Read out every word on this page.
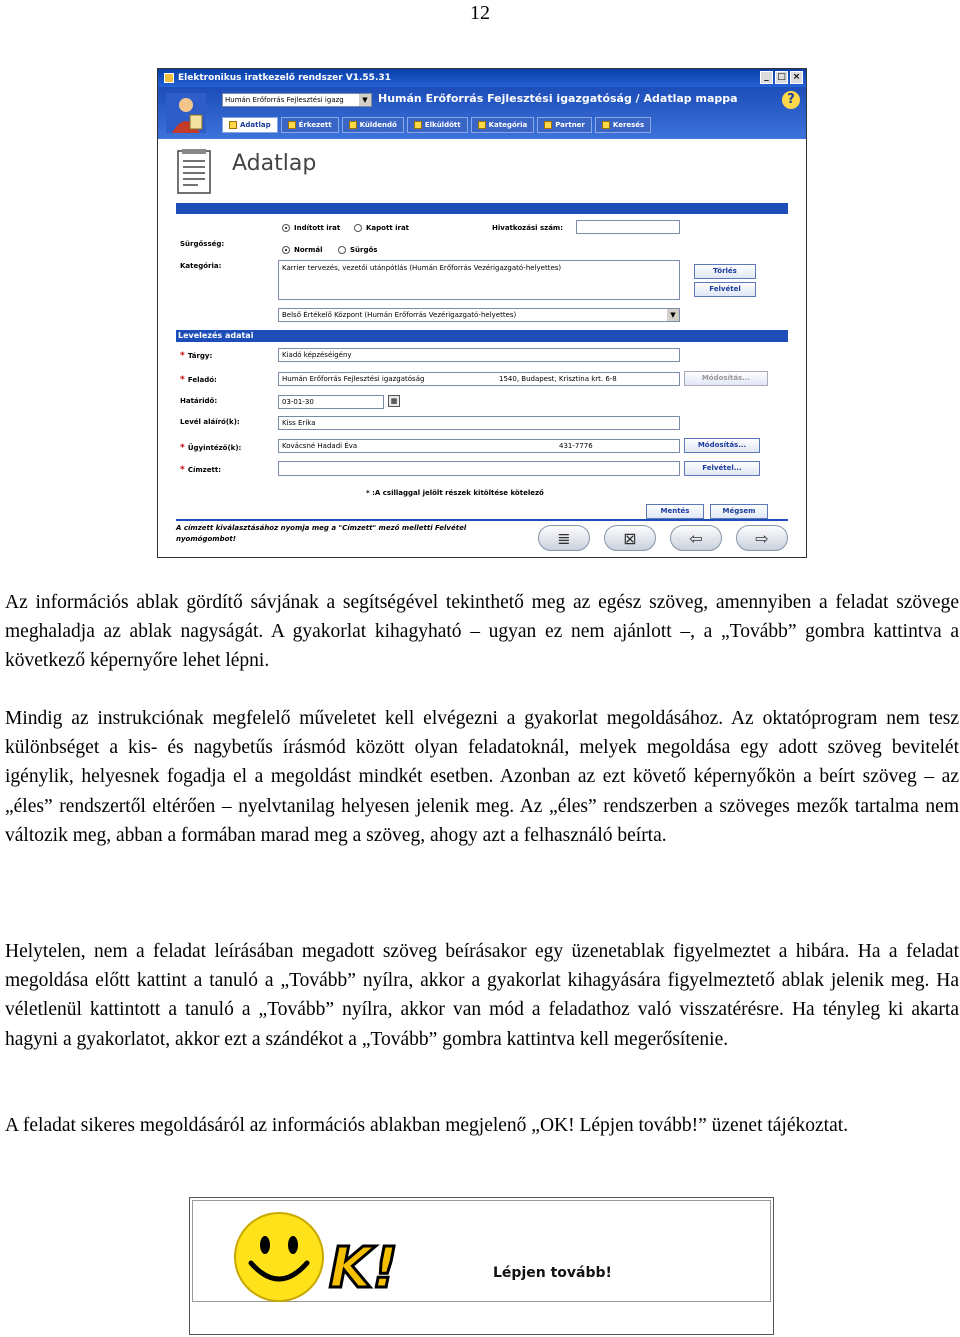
12
Elektronikus iratkezelő rendszer V1.55.31	_ □ ×
Humán Erőforrás Fejlesztési igazg	▼ Humán Erőforrás Fejlesztési igazgatóság / Adatlap mappa	?
Adatlap	Érkezett	Küldendő	Elküldött	Kategória	Partner	Keresés
Adatlap
Indított irat	Kapott irat	Hivatkozási szám:
Sürgősség:
Normál	Sürgős
Kategória:	Karrier tervezés, vezetői utánpótlás (Humán Erőforrás Vezérigazgató-helyettes)	Törlés
Felvétel
Belső Értékelő Központ (Humán Erőforrás Vezérigazgató-helyettes)	▼
Levelezés adatai
* Tárgy:	Kiadó képzéséigény
* Feladó:	Humán Erőforrás Fejlesztési igazgatóság	1540, Budapest, Krisztina krt. 6-8	Módosítás...
Határidő:	03-01-30	▦
Levél aláíró(k):	Kiss Erika
* Ügyintéző(k):	Kovácsné Hadadi Éva	431-7776	Módosítás...
* Címzett:	Felvétel...
* :A csillaggal jelölt részek kitöltése kötelező
Mentés	Mégsem
A címzett kiválasztásához nyomja meg a "Címzett" mező melletti Felvétel nyomógombot!	≣	⊠	⇦	⇨

Az információs ablak gördítő sávjának a segítségével tekinthető meg az egész szöveg, amennyiben a feladat szövege meghaladja az ablak nagyságát. A gyakorlat kihagyható – ugyan ez nem ajánlott –, a „Tovább” gombra kattintva a következő képernyőre lehet lépni.

Mindig az instrukciónak megfelelő műveletet kell elvégezni a gyakorlat megoldásához. Az oktatóprogram nem tesz különbséget a kis- és nagybetűs írásmód között olyan feladatoknál, melyek megoldása egy adott szöveg bevitelét igénylik, helyesnek fogadja el a megoldást mindkét esetben. Azonban az ezt követő képernyőkön a beírt szöveg – az „éles” rendszertől eltérően – nyelvtanilag helyesen jelenik meg. Az „éles” rendszerben a szöveges mezők tartalma nem változik meg, abban a formában marad meg a szöveg, ahogy azt a felhasználó beírta.

Helytelen, nem a feladat leírásában megadott szöveg beírásakor egy üzenetablak figyelmeztet a hibára. Ha a feladat megoldása előtt kattint a tanuló a „Tovább” nyílra, akkor a gyakorlat kihagyására figyelmeztető ablak jelenik meg. Ha véletlenül kattintott a tanuló a „Tovább” nyílra, akkor van mód a feladathoz való visszatérésre. Ha tényleg ki akarta hagyni a gyakorlatot, akkor ezt a szándékot a „Tovább” gombra kattintva kell megerősítenie.

A feladat sikeres megoldásáról az információs ablakban megjelenő „OK! Lépjen tovább!” üzenet tájékoztat.

K!	Lépjen tovább!
